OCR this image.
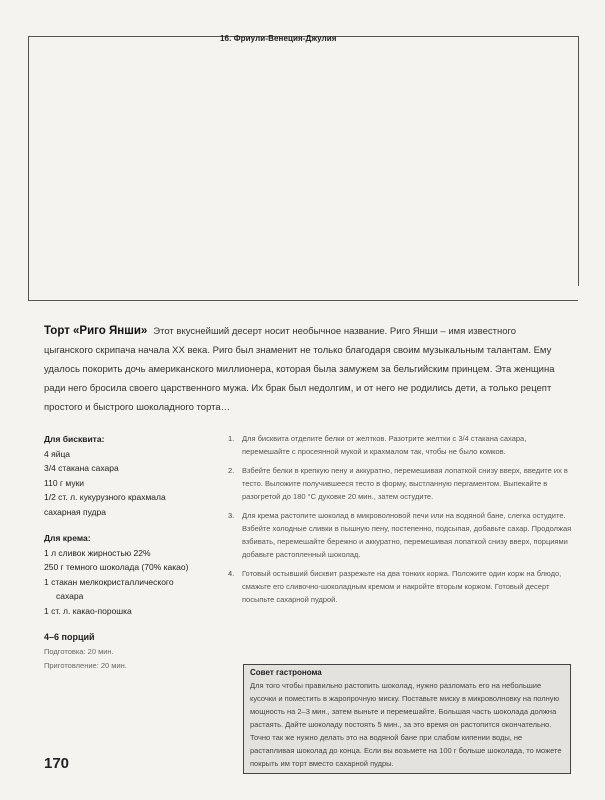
16. Фриули-Венеция-Джулия
Торт «Риго Янши» Этот вкуснейший десерт носит необычное название. Риго Янши – имя известного цыганского скрипача начала XX века. Риго был знаменит не только благодаря своим музыкальным талантам. Ему удалось покорить дочь американского миллионера, которая была замужем за бельгийским принцем. Эта женщина ради него бросила своего царственного мужа. Их брак был недолгим, и от него не родились дети, а только рецепт простого и быстрого шоколадного торта…
Для бисквита:
4 яйца
3/4 стакана сахара
110 г муки
1/2 ст. л. кукурузного крахмала
сахарная пудра
Для крема:
1 л сливок жирностью 22%
250 г темного шоколада (70% какао)
1 стакан мелкокристаллического
сахара
1 ст. л. какао-порошка
4–6 порций
Подготовка: 20 мин.
Приготовление: 20 мин.
1.	Для бисквита отделите белки от желтков. Разотрите желтки с 3/4 стакана сахара, перемешайте с просеянной мукой и крахмалом так, чтобы не было комков.
2.	Взбейте белки в крепкую пену и аккуратно, перемешивая лопаткой снизу вверх, введите их в тесто. Выложите получившееся тесто в форму, выстланную пергаментом. Выпекайте в разогретой до 180 °С духовке 20 мин., затем остудите.
3.	Для крема растопите шоколад в микроволновой печи или на водяной бане, слегка остудите. Взбейте холодные сливки в пышную пену, постепенно, подсыпая, добавьте сахар. Продолжая взбивать, перемешайте бережно и аккуратно, перемешивая лопаткой снизу вверх, порциями добавьте растопленный шоколад.
4.	Готовый остывший бисквит разрежьте на два тонких коржа. Положите один корж на блюдо, смажьте его сливочно-шоколадным кремом и накройте вторым коржом. Готовый десерт посыпьте сахарной пудрой.
Совет гастронома
Для того чтобы правильно растопить шоколад, нужно разломать его на небольшие кусочки и поместить в жаропрочную миску. Поставьте миску в микроволновку на полную мощность на 2–3 мин., затем выньте и перемешайте. Большая часть шоколада должна растаять. Дайте шоколаду постоять 5 мин., за это время он растопится окончательно. Точно так же нужно делать это на водяной бане при слабом кипении воды, не растапливая шоколад до конца. Если вы возьмете на 100 г больше шоколада, то можете покрыть им торт вместо сахарной пудры.
170
